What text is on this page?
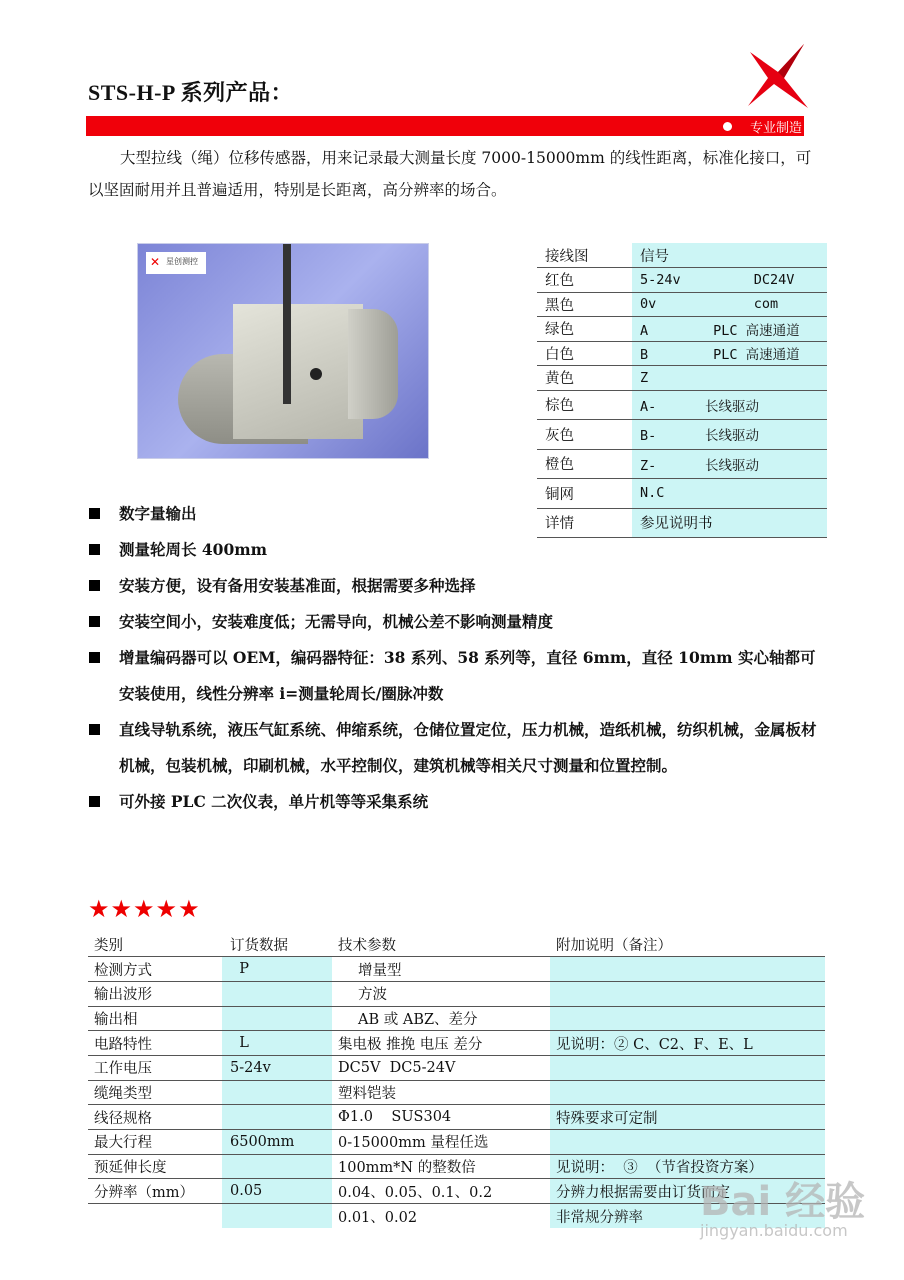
STS-H-P 系列产品：
专业制造

大型拉线（绳）位移传感器，用来记录最大测量长度 7000-15000mm 的线性距离，标准化接口，可以坚固耐用并且普遍适用，特别是长距离，高分辨率的场合。

✕ 星创测控	接线图	信号
红色	5-24v         DC24V
黑色	0v            com
绿色	A        PLC 高速通道
白色	B        PLC 高速通道
黄色	Z
棕色	A-      长线驱动
灰色	B-      长线驱动
橙色	Z-      长线驱动
铜网	N.C
详情	参见说明书
数字量输出
测量轮周长 400mm
安装方便，设有备用安装基准面，根据需要多种选择
安装空间小，安装难度低；无需导向，机械公差不影响测量精度
增量编码器可以 OEM，编码器特征：38 系列、58 系列等，直径 6mm，直径 10mm 实心轴都可安装使用，线性分辨率 i=测量轮周长/圈脉冲数
直线导轨系统，液压气缸系统、伸缩系统，仓储位置定位，压力机械，造纸机械，纺织机械，金属板材机械，包装机械，印刷机械，水平控制仪，建筑机械等相关尺寸测量和位置控制。
可外接 PLC 二次仪表，单片机等等采集系统
★★★★★
类别	订货数据	技术参数	附加说明（备注）
检测方式	P	增量型	
输出波形		方波	
输出相		AB 或 ABZ、差分	
电路特性	L	集电极 推挽 电压 差分	见说明：② C、C2、F、E、L
工作电压	5-24v	DC5V  DC5-24V	
缆绳类型		塑料铠装	
线径规格		Φ1.0    SUS304	特殊要求可定制
最大行程	6500mm	0-15000mm 量程任选	
预延伸长度		100mm*N 的整数倍	见说明：  ③  （节省投资方案）
分辨率（mm）	0.05	0.04、0.05、0.1、0.2	分辨力根据需要由订货而定
		0.01、0.02	非常规分辨率 Bai 经验
jingyan.baidu.com
